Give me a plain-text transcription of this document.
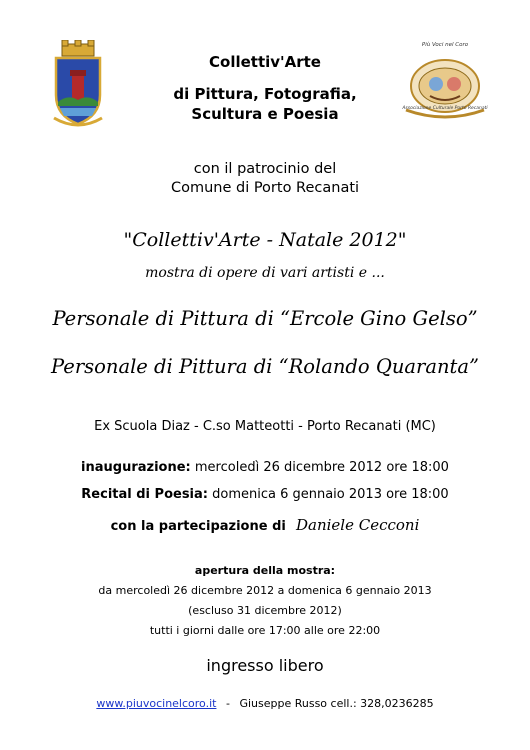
Più Voci nel Coro
Associazione Culturale Porto Recanati
Collettiv'Arte
di Pittura, Fotografia,
Scultura e Poesia
con il patrocinio del
Comune di Porto Recanati
"Collettiv'Arte - Natale 2012"
mostra di opere di vari artisti e ...
Personale di Pittura di “Ercole Gino Gelso”
Personale di Pittura di “Rolando Quaranta”
Ex Scuola Diaz - C.so Matteotti - Porto Recanati (MC)
inaugurazione: mercoledì 26 dicembre 2012 ore 18:00
Recital di Poesia: domenica 6 gennaio 2013 ore 18:00
con la partecipazione di Daniele Cecconi
apertura della mostra:
da mercoledì 26 dicembre 2012 a domenica 6 gennaio 2013
(escluso 31 dicembre 2012)
tutti i giorni dalle ore 17:00 alle ore 22:00
ingresso libero
www.piuvocinelcoro.it - Giuseppe Russo cell.: 328,0236285
